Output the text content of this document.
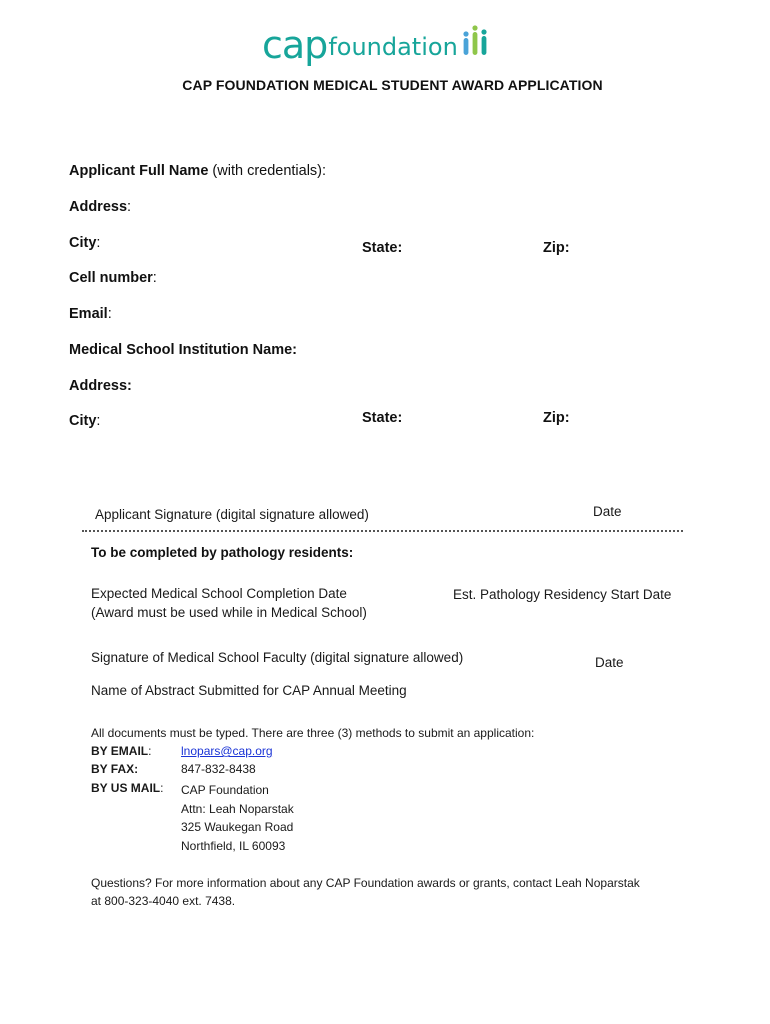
cap foundation
CAP FOUNDATION MEDICAL STUDENT AWARD APPLICATION
Applicant Full Name (with credentials):
Address:
City:	State:	Zip:
Cell number:
Email:
Medical School Institution Name:
Address:
City:	State:	Zip:
Applicant Signature (digital signature allowed)	Date
To be completed by pathology residents:
Expected Medical School Completion Date
(Award must be used while in Medical School)
Est. Pathology Residency Start Date
Signature of Medical School Faculty (digital signature allowed)	Date
Name of Abstract Submitted for CAP Annual Meeting
All documents must be typed. There are three (3) methods to submit an application:
BY EMAIL: lnopars@cap.org
BY FAX:	847-832-8438
BY US MAIL: CAP Foundation
Attn: Leah Noparstak
325 Waukegan Road
Northfield, IL 60093
Questions? For more information about any CAP Foundation awards or grants, contact Leah Noparstak
at 800-323-4040 ext. 7438.
